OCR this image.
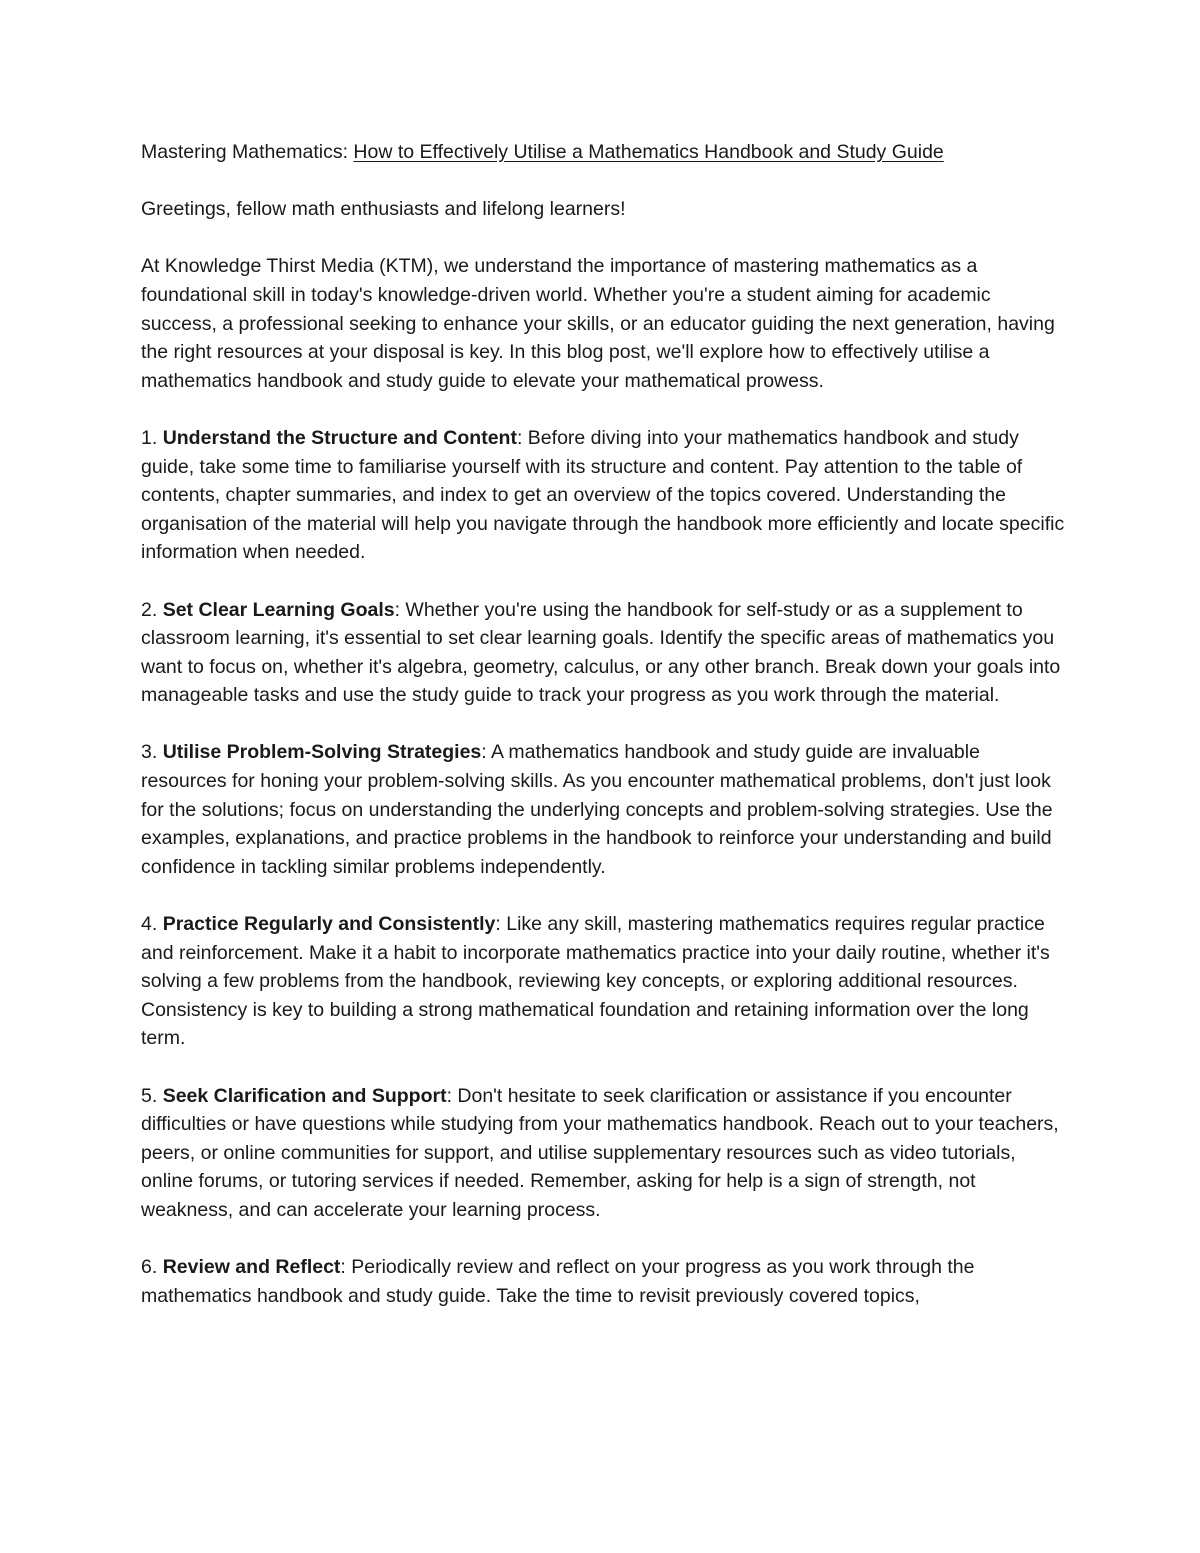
Mastering Mathematics: How to Effectively Utilise a Mathematics Handbook and Study Guide

Greetings, fellow math enthusiasts and lifelong learners!

At Knowledge Thirst Media (KTM), we understand the importance of mastering mathematics as a foundational skill in today's knowledge-driven world. Whether you're a student aiming for academic success, a professional seeking to enhance your skills, or an educator guiding the next generation, having the right resources at your disposal is key. In this blog post, we'll explore how to effectively utilise a mathematics handbook and study guide to elevate your mathematical prowess.

1. Understand the Structure and Content: Before diving into your mathematics handbook and study guide, take some time to familiarise yourself with its structure and content. Pay attention to the table of contents, chapter summaries, and index to get an overview of the topics covered. Understanding the organisation of the material will help you navigate through the handbook more efficiently and locate specific information when needed.

2. Set Clear Learning Goals: Whether you're using the handbook for self-study or as a supplement to classroom learning, it's essential to set clear learning goals. Identify the specific areas of mathematics you want to focus on, whether it's algebra, geometry, calculus, or any other branch. Break down your goals into manageable tasks and use the study guide to track your progress as you work through the material.

3. Utilise Problem-Solving Strategies: A mathematics handbook and study guide are invaluable resources for honing your problem-solving skills. As you encounter mathematical problems, don't just look for the solutions; focus on understanding the underlying concepts and problem-solving strategies. Use the examples, explanations, and practice problems in the handbook to reinforce your understanding and build confidence in tackling similar problems independently.

4. Practice Regularly and Consistently: Like any skill, mastering mathematics requires regular practice and reinforcement. Make it a habit to incorporate mathematics practice into your daily routine, whether it's solving a few problems from the handbook, reviewing key concepts, or exploring additional resources. Consistency is key to building a strong mathematical foundation and retaining information over the long term.

5. Seek Clarification and Support: Don't hesitate to seek clarification or assistance if you encounter difficulties or have questions while studying from your mathematics handbook. Reach out to your teachers, peers, or online communities for support, and utilise supplementary resources such as video tutorials, online forums, or tutoring services if needed. Remember, asking for help is a sign of strength, not weakness, and can accelerate your learning process.

6. Review and Reflect: Periodically review and reflect on your progress as you work through the mathematics handbook and study guide. Take the time to revisit previously covered topics,
